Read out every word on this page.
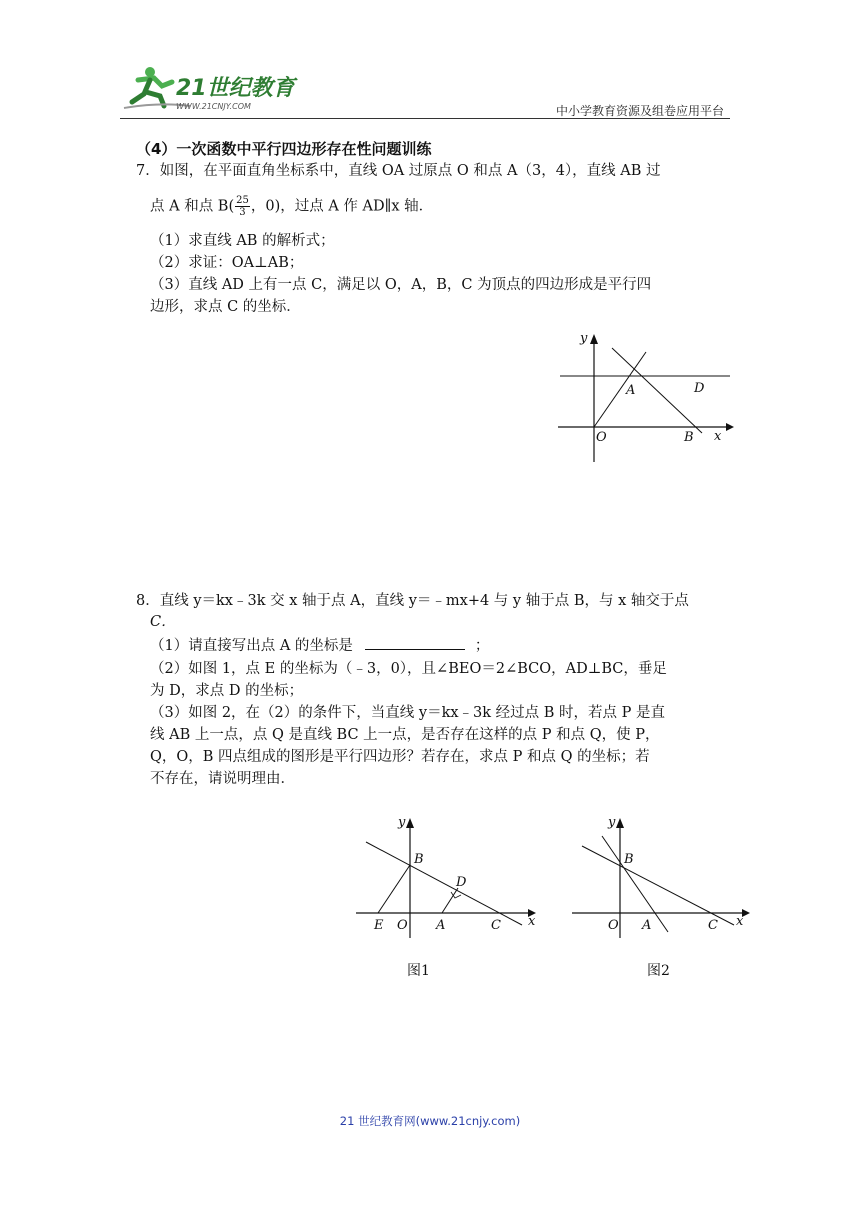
21世纪教育
WWW.21CNJY.COM	中小学教育资源及组卷应用平台
（4）一次函数中平行四边形存在性问题训练
7．如图，在平面直角坐标系中，直线 OA 过原点 O 和点 A（3，4），直线 AB 过
点 A 和点 $B( \frac{25}{3}$ ，0)，过点 A 作 AD∥x 轴．
（1）求直线 AB 的解析式；
（2）求证：OA⊥AB；
（3）直线 AD 上有一点 C，满足以 O，A，B，C 为顶点的四边形成是平行四
边形，求点 C 的坐标．
y
x
O
A
B
D
8．直线 y＝kx﹣3k 交 x 轴于点 A，直线 y＝﹣mx+4 与 y 轴于点 B，与 x 轴交于点
C．
（1）请直接写出点 A 的坐标是	；
（2）如图 1，点 E 的坐标为（﹣3，0），且∠BEO＝2∠BCO，AD⊥BC，垂足
为 D，求点 D 的坐标；
（3）如图 2，在（2）的条件下，当直线 y＝kx﹣3k 经过点 B 时，若点 P 是直
线 AB 上一点，点 Q 是直线 BC 上一点，是否存在这样的点 P 和点 Q，使 P，
Q，O，B 四点组成的图形是平行四边形？若存在，求点 P 和点 Q 的坐标；若
不存在，请说明理由．
y
x
B
D
E O A	C
图1
y
x
B
O A	C
图2
21 世纪教育网(www.21cnjy.com)
